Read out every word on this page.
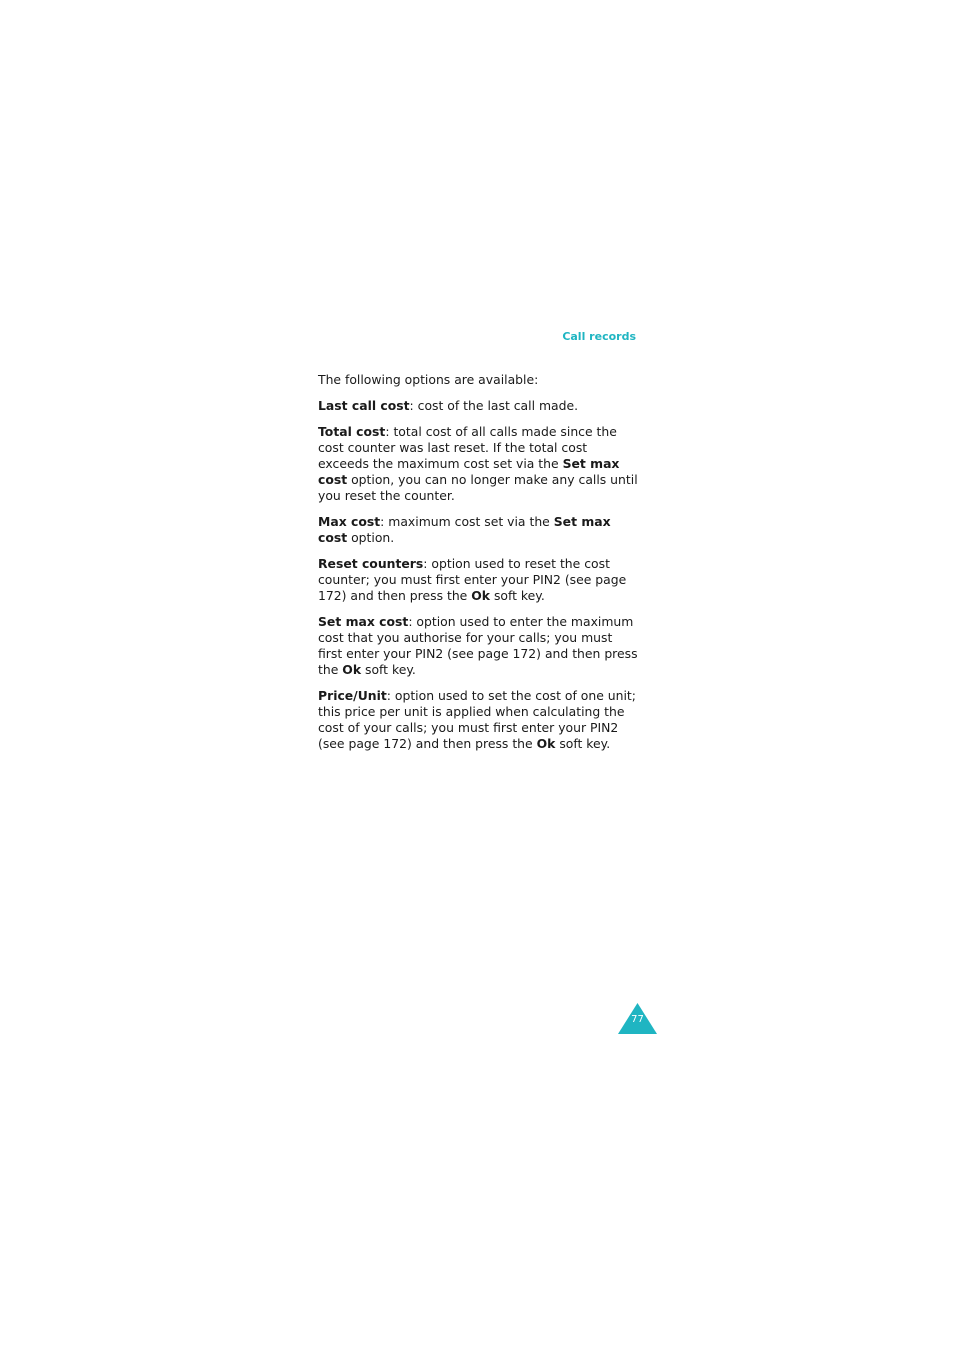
Call records

The following options are available:

Last call cost: cost of the last call made.

Total cost: total cost of all calls made since the cost counter was last reset. If the total cost exceeds the maximum cost set via the Set max cost option, you can no longer make any calls until you reset the counter.

Max cost: maximum cost set via the Set max cost option.

Reset counters: option used to reset the cost counter; you must first enter your PIN2 (see page 172) and then press the Ok soft key.

Set max cost: option used to enter the maximum cost that you authorise for your calls; you must first enter your PIN2 (see page 172) and then press the Ok soft key.

Price/Unit: option used to set the cost of one unit; this price per unit is applied when calculating the cost of your calls; you must first enter your PIN2 (see page 172) and then press the Ok soft key.

77
